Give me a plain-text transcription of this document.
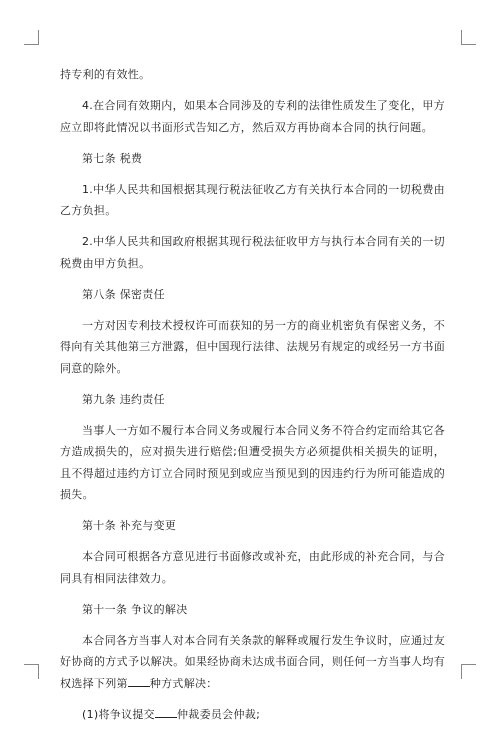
持专利的有效性。

4.在合同有效期内，如果本合同涉及的专利的法律性质发生了变化，甲方应立即将此情况以书面形式告知乙方，然后双方再协商本合同的执行问题。

第七条 税费

1.中华人民共和国根据其现行税法征收乙方有关执行本合同的一切税费由乙方负担。

2.中华人民共和国政府根据其现行税法征收甲方与执行本合同有关的一切税费由甲方负担。

第八条 保密责任

一方对因专利技术授权许可而获知的另一方的商业机密负有保密义务，不得向有关其他第三方泄露，但中国现行法律、法规另有规定的或经另一方书面同意的除外。

第九条 违约责任

当事人一方如不履行本合同义务或履行本合同义务不符合约定而给其它各方造成损失的，应对损失进行赔偿;但遭受损失方必须提供相关损失的证明，且不得超过违约方订立合同时预见到或应当预见到的因违约行为所可能造成的损失。

第十条 补充与变更

本合同可根据各方意见进行书面修改或补充，由此形成的补充合同，与合同具有相同法律效力。

第十一条 争议的解决

本合同各方当事人对本合同有关条款的解释或履行发生争议时，应通过友好协商的方式予以解决。如果经协商未达成书面合同，则任何一方当事人均有权选择下列第 种方式解决：

(1)将争议提交 仲裁委员会仲裁;
